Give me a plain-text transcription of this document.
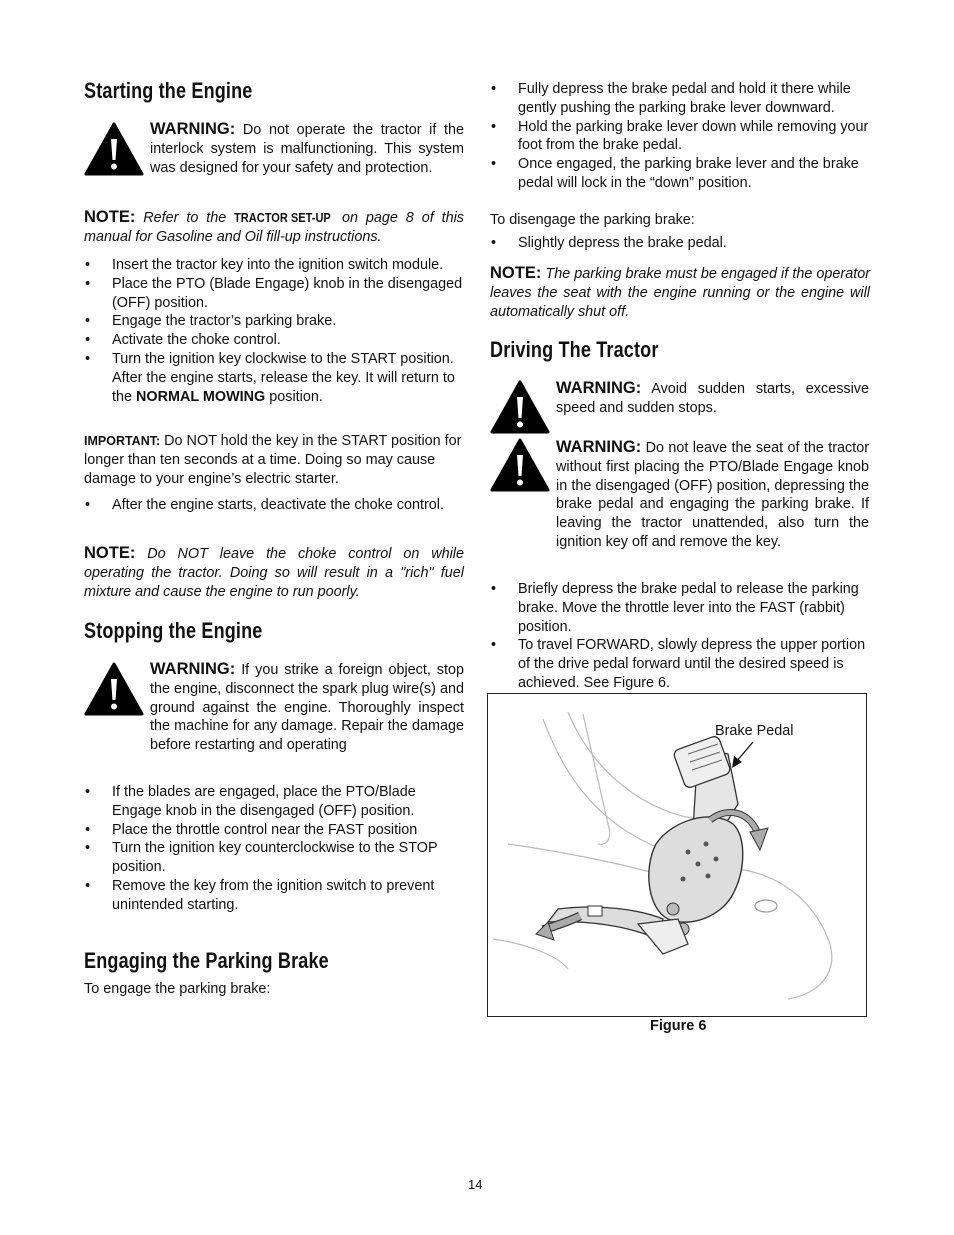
Starting the Engine
WARNING: Do not operate the tractor if the interlock system is malfunctioning. This system was designed for your safety and protection.

NOTE: Refer to the TRACTOR SET-UP on page 8 of this manual for Gasoline and Oil fill-up instructions.

• Insert the tractor key into the ignition switch module.
• Place the PTO (Blade Engage) knob in the disengaged (OFF) position.
• Engage the tractor’s parking brake.
• Activate the choke control.
• Turn the ignition key clockwise to the START position. After the engine starts, release the key. It will return to the NORMAL MOWING position.

IMPORTANT: Do NOT hold the key in the START position for longer than ten seconds at a time. Doing so may cause damage to your engine’s electric starter.

• After the engine starts, deactivate the choke control.

NOTE: Do NOT leave the choke control on while operating the tractor. Doing so will result in a "rich" fuel mixture and cause the engine to run poorly.

Stopping the Engine
WARNING: If you strike a foreign object, stop the engine, disconnect the spark plug wire(s) and ground against the engine. Thoroughly inspect the machine for any damage. Repair the damage before restarting and operating
• If the blades are engaged, place the PTO/Blade Engage knob in the disengaged (OFF) position.
• Place the throttle control near the FAST position
• Turn the ignition key counterclockwise to the STOP position.
• Remove the key from the ignition switch to prevent unintended starting.
Engaging the Parking Brake

To engage the parking brake:

• Fully depress the brake pedal and hold it there while gently pushing the parking brake lever downward.
• Hold the parking brake lever down while removing your foot from the brake pedal.
• Once engaged, the parking brake lever and the brake pedal will lock in the “down” position.

To disengage the parking brake:

• Slightly depress the brake pedal.

NOTE: The parking brake must be engaged if the operator leaves the seat with the engine running or the engine will automatically shut off.

Driving The Tractor
WARNING: Avoid sudden starts, excessive speed and sudden stops.
WARNING: Do not leave the seat of the tractor without first placing the PTO/Blade Engage knob in the disengaged (OFF) position, depressing the brake pedal and engaging the parking brake. If leaving the tractor unattended, also turn the ignition key off and remove the key.
• Briefly depress the brake pedal to release the parking brake. Move the throttle lever into the FAST (rabbit) position.
• To travel FORWARD, slowly depress the upper portion of the drive pedal forward until the desired speed is achieved. See Figure 6.
Brake Pedal
Figure 6
14
